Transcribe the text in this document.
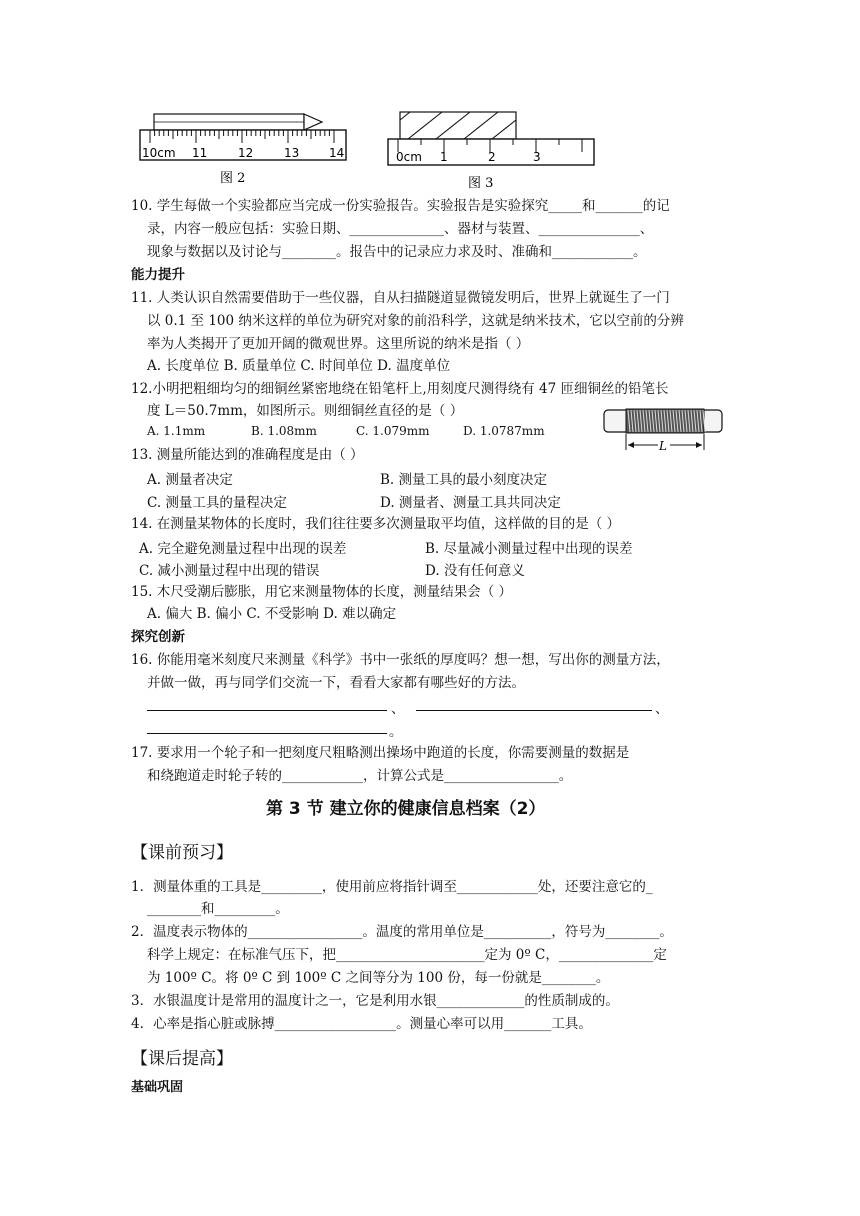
10cm 11	12	13 14
图 2
0cm 1	2	3
图 3
10. 学生每做一个实验都应当完成一份实验报告。实验报告是实验探究_____和_______的记
录，内容一般应包括：实验日期、______________、器材与装置、_______________、
现象与数据以及讨论与________。报告中的记录应力求及时、准确和____________。
能力提升
11. 人类认识自然需要借助于一些仪器，自从扫描隧道显微镜发明后，世界上就诞生了一门
以 0.1 至 100 纳米这样的单位为研究对象的前沿科学，这就是纳米技术，它以空前的分辨
率为人类揭开了更加开阔的微观世界。这里所说的纳米是指（ ）
A. 长度单位 B. 质量单位 C. 时间单位 D. 温度单位
12.小明把粗细均匀的细铜丝紧密地绕在铅笔杆上,用刻度尺测得绕有 47 匝细铜丝的铅笔长
度 L＝50.7mm，如图所示。则细铜丝直径的是（ ）
A. 1.1mm	B. 1.08mm	C. 1.079mm	D. 1.0787mm
L
13. 测量所能达到的准确程度是由（ ）
A. 测量者决定	B. 测量工具的最小刻度决定
C. 测量工具的量程决定	D. 测量者、测量工具共同决定
14. 在测量某物体的长度时，我们往往要多次测量取平均值，这样做的目的是（ ）
A. 完全避免测量过程中出现的误差	B. 尽量减小测量过程中出现的误差
C. 减小测量过程中出现的错误	D. 没有任何意义
15. 木尺受潮后膨胀，用它来测量物体的长度，测量结果会（ ）
A. 偏大 B. 偏小 C. 不受影响 D. 难以确定
探究创新
16. 你能用毫米刻度尺来测量《科学》书中一张纸的厚度吗？想一想，写出你的测量方法，
并做一做，再与同学们交流一下，看看大家都有哪些好的方法。
、	、
。
17. 要求用一个轮子和一把刻度尺粗略测出操场中跑道的长度，你需要测量的数据是
和绕跑道走时轮子转的____________，计算公式是_________________。
第 3 节 建立你的健康信息档案（2）
【课前预习】
1．测量体重的工具是_________，使用前应将指针调至____________处，还要注意它的_
________和_________。
2．温度表示物体的_________________。温度的常用单位是__________，符号为________。
科学上规定：在标准气压下，把______________________定为 0º C，______________定
为 100º C。将 0º C 到 100º C 之间等分为 100 份，每一份就是________。
3．水银温度计是常用的温度计之一，它是利用水银_____________的性质制成的。
4．心率是指心脏或脉搏__________________。测量心率可以用_______工具。
【课后提高】
基础巩固
